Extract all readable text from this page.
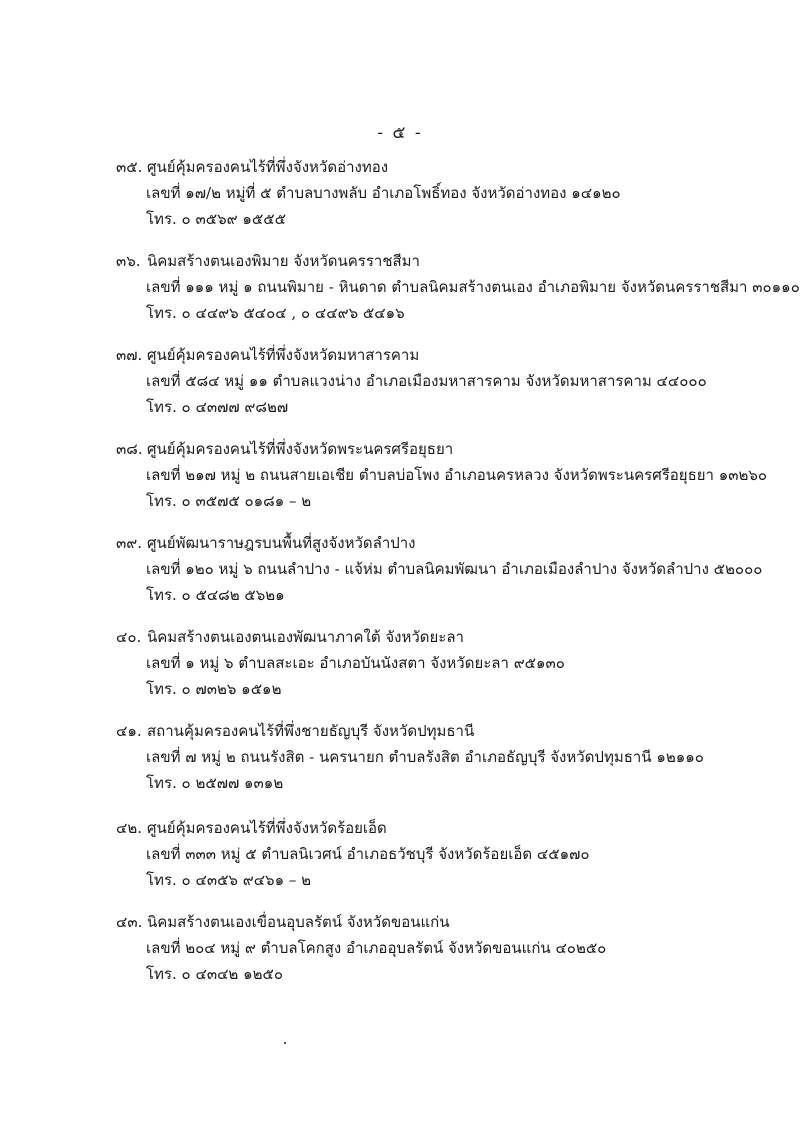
- ๕ -
๓๕. ศูนย์คุ้มครองคนไร้ที่พึ่งจังหวัดอ่างทอง
เลขที่ ๑๗/๒ หมู่ที่ ๕ ตำบลบางพลับ อำเภอโพธิ์ทอง จังหวัดอ่างทอง ๑๔๑๒๐
โทร. ๐ ๓๕๖๙ ๑๕๕๕
๓๖. นิคมสร้างตนเองพิมาย จังหวัดนครราชสีมา
เลขที่ ๑๑๑ หมู่ ๑ ถนนพิมาย - หินดาด ตำบลนิคมสร้างตนเอง อำเภอพิมาย จังหวัดนครราชสีมา ๓๐๑๑๐
โทร. ๐ ๔๔๙๖ ๕๔๐๔ , ๐ ๔๔๙๖ ๕๔๑๖
๓๗. ศูนย์คุ้มครองคนไร้ที่พึ่งจังหวัดมหาสารคาม
เลขที่ ๕๘๔ หมู่ ๑๑ ตำบลแวงน่าง อำเภอเมืองมหาสารคาม จังหวัดมหาสารคาม ๔๔๐๐๐
โทร. ๐ ๔๓๗๗ ๙๘๒๗
๓๘. ศูนย์คุ้มครองคนไร้ที่พึ่งจังหวัดพระนครศรีอยุธยา
เลขที่ ๒๑๗ หมู่ ๒ ถนนสายเอเชีย ตำบลบ่อโพง อำเภอนครหลวง จังหวัดพระนครศรีอยุธยา ๑๓๒๖๐
โทร. ๐ ๓๕๗๕ ๐๑๘๑ – ๒
๓๙. ศูนย์พัฒนาราษฎรบนพื้นที่สูงจังหวัดลำปาง
เลขที่ ๑๒๐ หมู่ ๖ ถนนลำปาง - แจ้ห่ม ตำบลนิคมพัฒนา อำเภอเมืองลำปาง จังหวัดลำปาง ๕๒๐๐๐
โทร. ๐ ๕๔๘๒ ๕๖๒๑
๔๐. นิคมสร้างตนเองตนเองพัฒนาภาคใต้ จังหวัดยะลา
เลขที่ ๑ หมู่ ๖ ตำบลสะเอะ อำเภอบันนังสตา จังหวัดยะลา ๙๕๑๓๐
โทร. ๐ ๗๓๒๖ ๑๕๑๒
๔๑. สถานคุ้มครองคนไร้ที่พึ่งชายธัญบุรี จังหวัดปทุมธานี
เลขที่ ๗ หมู่ ๒ ถนนรังสิต - นครนายก ตำบลรังสิต อำเภอธัญบุรี จังหวัดปทุมธานี ๑๒๑๑๐
โทร. ๐ ๒๕๗๗ ๑๓๑๒
๔๒. ศูนย์คุ้มครองคนไร้ที่พึ่งจังหวัดร้อยเอ็ด
เลขที่ ๓๓๓ หมู่ ๕ ตำบลนิเวศน์ อำเภอธวัชบุรี จังหวัดร้อยเอ็ด ๔๕๑๗๐
โทร. ๐ ๔๓๕๖ ๙๔๖๑ – ๒
๔๓. นิคมสร้างตนเองเขื่อนอุบลรัตน์ จังหวัดขอนแก่น
เลขที่ ๒๐๔ หมู่ ๙ ตำบลโคกสูง อำเภออุบลรัตน์ จังหวัดขอนแก่น ๔๐๒๕๐
โทร. ๐ ๔๓๔๒ ๑๒๕๐
